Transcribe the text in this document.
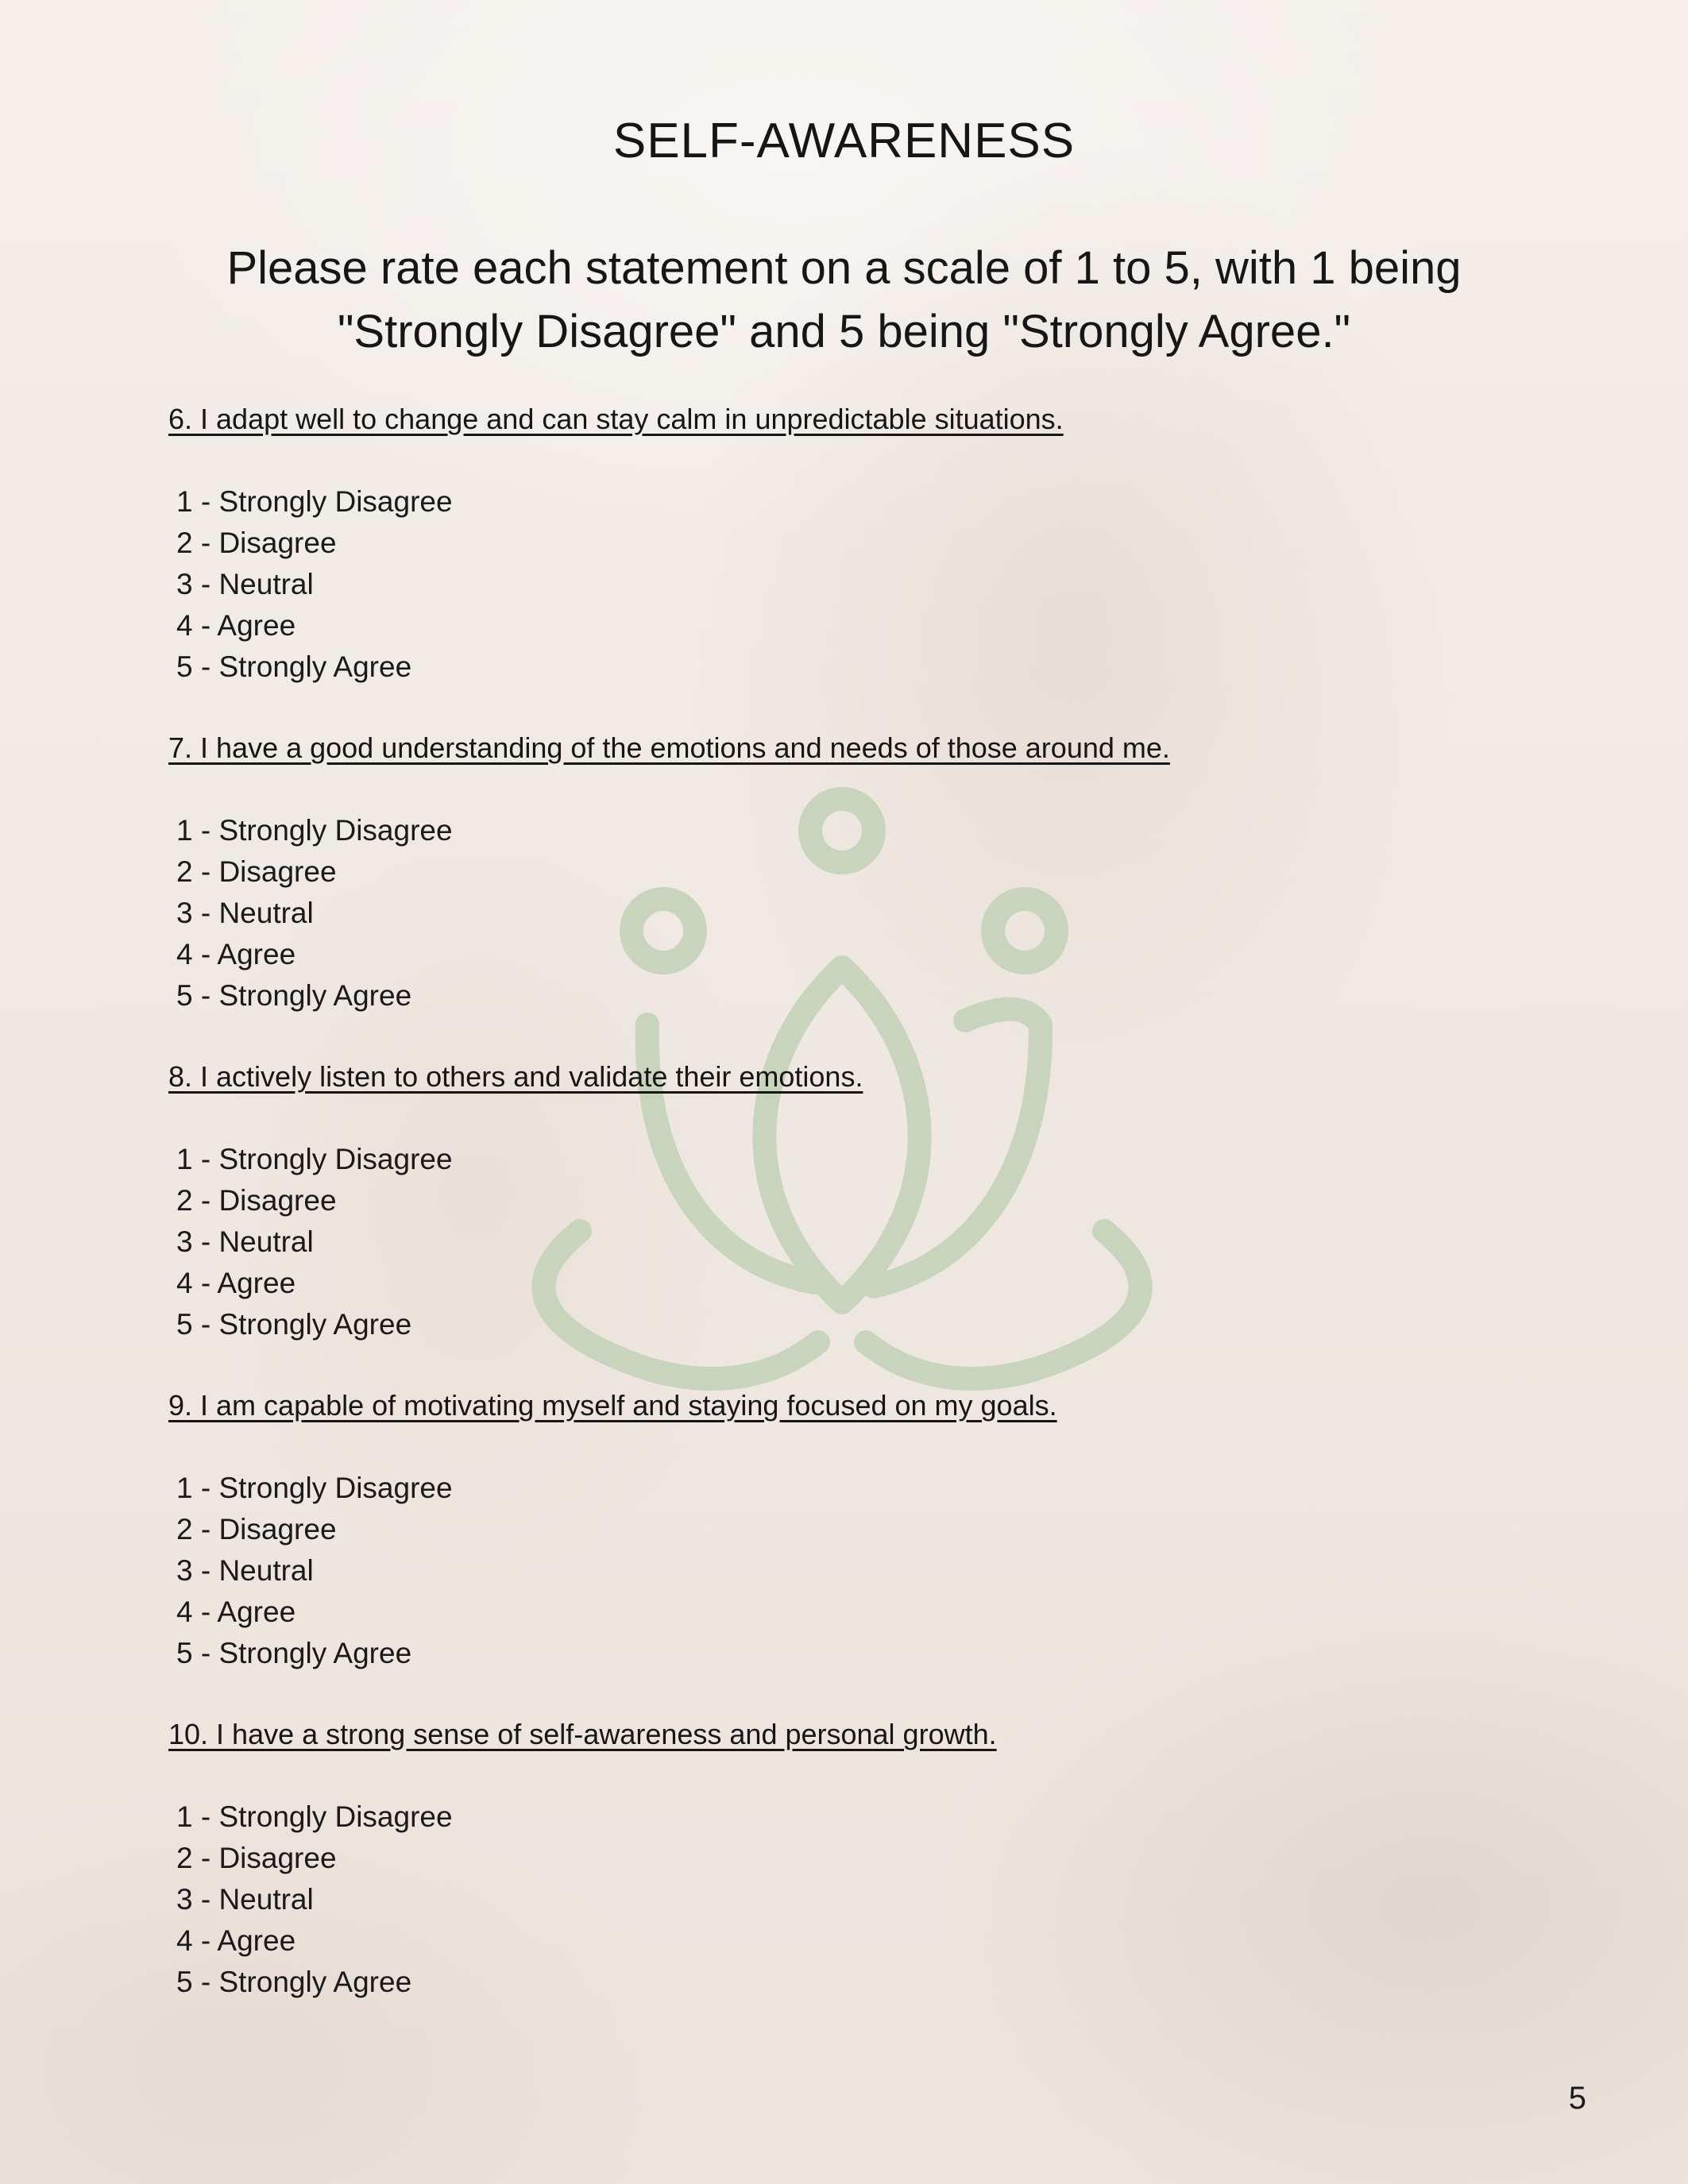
SELF-AWARENESS
Please rate each statement on a scale of 1 to 5, with 1 being "Strongly Disagree" and 5 being "Strongly Agree."
6. I adapt well to change and can stay calm in unpredictable situations.
1 - Strongly Disagree
2 - Disagree
3 - Neutral
4 - Agree
5 - Strongly Agree
7. I have a good understanding of the emotions and needs of those around me.
1 - Strongly Disagree
2 - Disagree
3 - Neutral
4 - Agree
5 - Strongly Agree
8. I actively listen to others and validate their emotions.
1 - Strongly Disagree
2 - Disagree
3 - Neutral
4 - Agree
5 - Strongly Agree
9. I am capable of motivating myself and staying focused on my goals.
1 - Strongly Disagree
2 - Disagree
3 - Neutral
4 - Agree
5 - Strongly Agree
10. I have a strong sense of self-awareness and personal growth.
1 - Strongly Disagree
2 - Disagree
3 - Neutral
4 - Agree
5 - Strongly Agree
5
